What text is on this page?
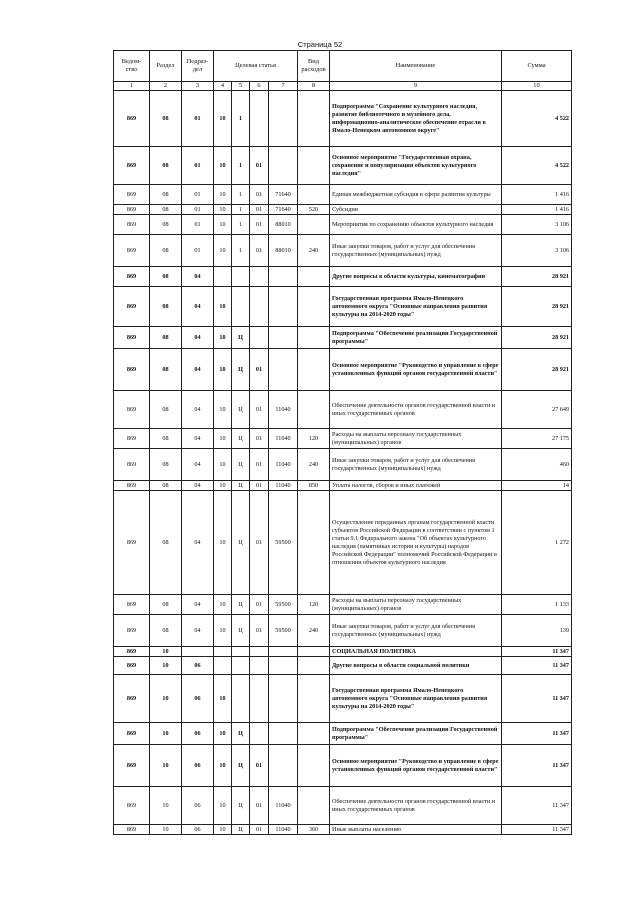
Страница 52
Ведом- ство	Раздел	Подраз- дел	Целевая статья				Вид расходов	Наименование	Сумма
1	2	3	4	5	6	7	8	9	10
869	08	01	10	1				Подпрограмма "Сохранение культурного наследия, развитие библиотечного и музейного дела, информационно-аналитическое обеспечение отрасли в Ямало-Ненецком автономном округе"	4 522
869	08	01	10	1	01			Основное мероприятие "Государственная охрана, сохранение и популяризация объектов культурного наследия"	4 522
869	08	01	10	1	01	71640		Единая межбюджетная субсидия в сфере развития культуры	1 416
869	08	01	10	1	01	71640	520	Субсидии	1 416
869	08	01	10	1	01	88010		Мероприятия по сохранению объектов культурного наследия	3 106
869	08	01	10	1	01	88010	240	Иные закупки товаров, работ и услуг для обеспечения государственных (муниципальных) нужд	3 106
869	08	04						Другие вопросы в области культуры, кинематографии	28 921
869	08	04	10					Государственная программа Ямало-Ненецкого автономного округа "Основные направления развития культуры на 2014-2020 годы"	28 921
869	08	04	10	Ц				Подпрограмма "Обеспечение реализации Государственной программы"	28 921
869	08	04	10	Ц	01			Основное мероприятие "Руководство и управление в сфере установленных функций органов государственной власти"	28 921
869	08	04	10	Ц	01	11040		Обеспечение деятельности органов государственной власти и иных государственных органов	27 649
869	08	04	10	Ц	01	11040	120	Расходы на выплаты персоналу государственных (муниципальных) органов	27 175
869	08	04	10	Ц	01	11040	240	Иные закупки товаров, работ и услуг для обеспечения государственных (муниципальных) нужд	460
869	08	04	10	Ц	01	11040	850	Уплата налогов, сборов и иных платежей	14
869	08	04	10	Ц	01	59500		Осуществление переданных органам государственной власти субъектов Российской Федерации в соответствии с пунктом 1 статьи 9.1 Федерального закона "Об объектах культурного наследия (памятниках истории и культуры) народов Российской Федерации" полномочий Российской Федерации в отношении объектов культурного наследия	1 272
869	08	04	10	Ц	01	59500	120	Расходы на выплаты персоналу государственных (муниципальных) органов	1 133
869	08	04	10	Ц	01	59500	240	Иные закупки товаров, работ и услуг для обеспечения государственных (муниципальных) нужд	139
869	10							СОЦИАЛЬНАЯ ПОЛИТИКА	11 347
869	10	06						Другие вопросы в области социальной политики	11 347
869	10	06	10					Государственная программа Ямало-Ненецкого автономного округа "Основные направления развития культуры на 2014-2020 годы"	11 347
869	10	06	10	Ц				Подпрограмма "Обеспечение реализации Государственной программы"	11 347
869	10	06	10	Ц	01			Основное мероприятие "Руководство и управление в сфере установленных функций органов государственной власти"	11 347
869	10	06	10	Ц	01	11040		Обеспечение деятельности органов государственной власти и иных государственных органов	11 347
869	10	06	10	Ц	01	11040	360	Иные выплаты населению	11 347
